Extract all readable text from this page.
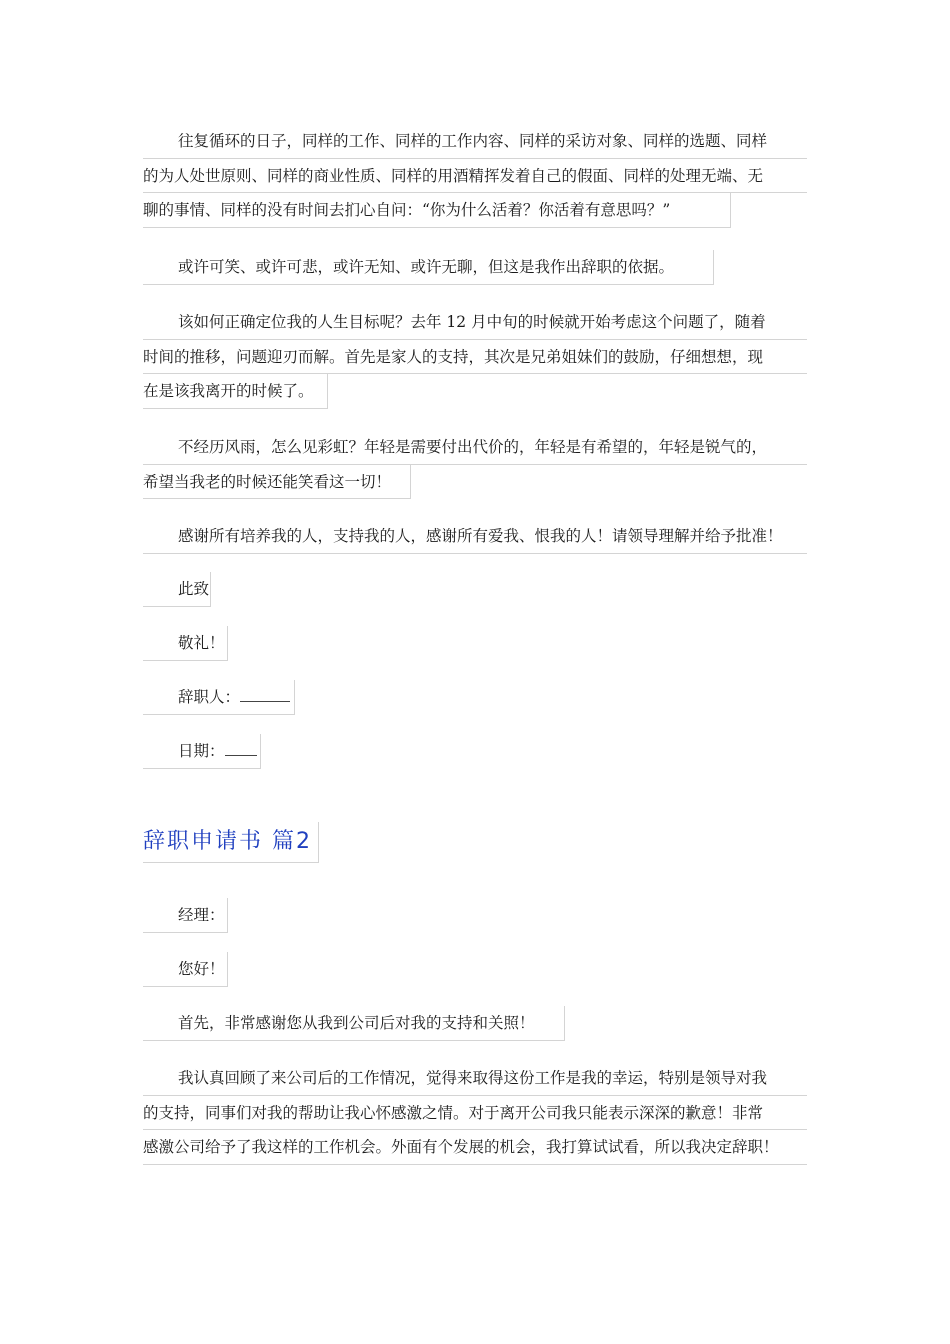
往复循环的日子，同样的工作、同样的工作内容、同样的采访对象、同样的选题、同样
的为人处世原则、同样的商业性质、同样的用酒精挥发着自己的假面、同样的处理无端、无
聊的事情、同样的没有时间去扪心自问：“你为什么活着？你活着有意思吗？”
或许可笑、或许可悲，或许无知、或许无聊，但这是我作出辞职的依据。
该如何正确定位我的人生目标呢？去年 12 月中旬的时候就开始考虑这个问题了，随着
时间的推移，问题迎刃而解。首先是家人的支持，其次是兄弟姐妹们的鼓励，仔细想想，现
在是该我离开的时候了。
不经历风雨，怎么见彩虹？年轻是需要付出代价的，年轻是有希望的，年轻是锐气的，
希望当我老的时候还能笑看这一切！
感谢所有培养我的人，支持我的人，感谢所有爱我、恨我的人！请领导理解并给予批准！
此致
敬礼！
辞职人：
日期：
辞职申请书 篇2
经理：
您好！
首先，非常感谢您从我到公司后对我的支持和关照！
我认真回顾了来公司后的工作情况，觉得来取得这份工作是我的幸运，特别是领导对我
的支持，同事们对我的帮助让我心怀感激之情。对于离开公司我只能表示深深的歉意！非常
感激公司给予了我这样的工作机会。外面有个发展的机会，我打算试试看，所以我决定辞职！
